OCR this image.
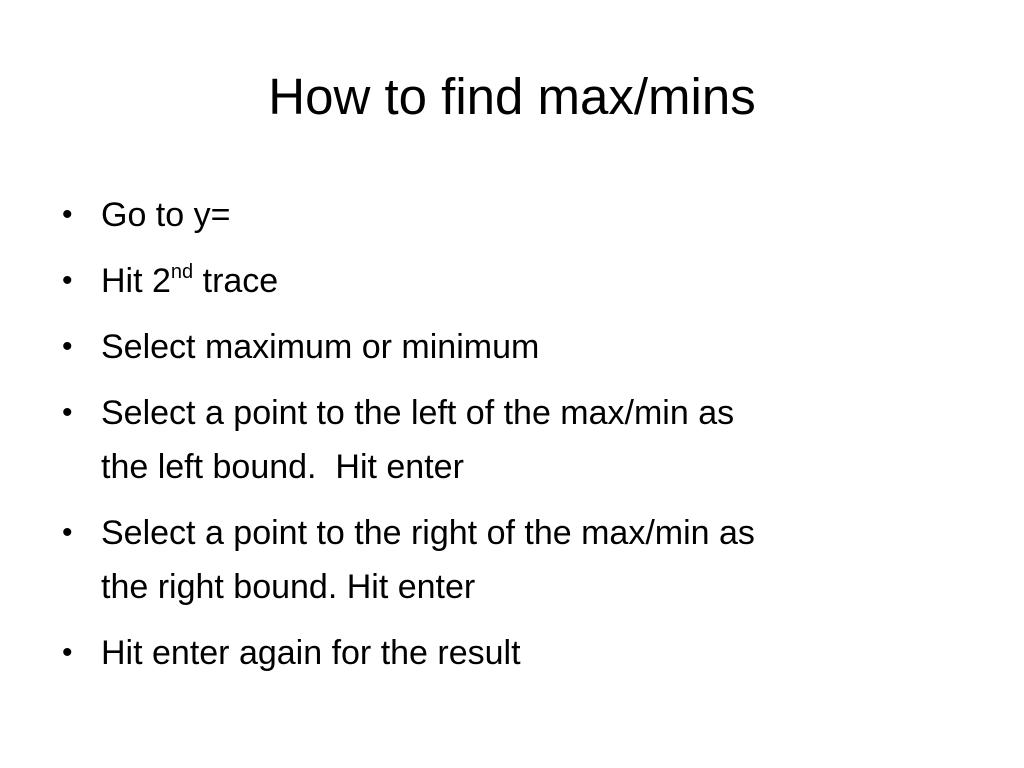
How to find max/mins
• Go to y=
• Hit 2nd trace
• Select maximum or minimum
• Select a point to the left of the max/min as
the left bound.  Hit enter
• Select a point to the right of the max/min as
the right bound. Hit enter
• Hit enter again for the result
